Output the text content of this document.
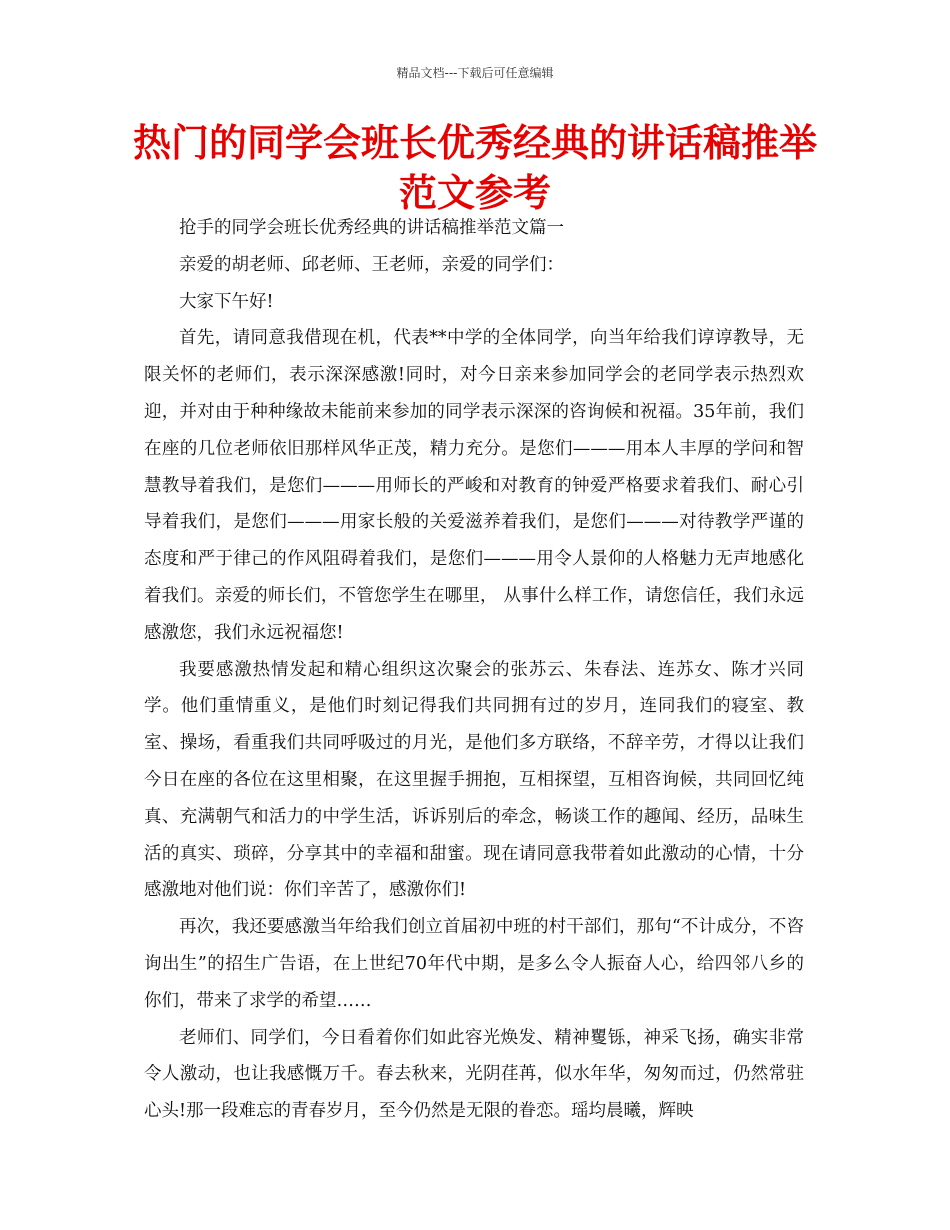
精品文档---下载后可任意编辑
热门的同学会班长优秀经典的讲话稿推举
范文参考

抢手的同学会班长优秀经典的讲话稿推举范文篇一

亲爱的胡老师、邱老师、王老师，亲爱的同学们：

大家下午好!

首先，请同意我借现在机，代表**中学的全体同学，向当年给我们谆谆教导，无限关怀的老师们，表示深深感激!同时，对今日亲来参加同学会的老同学表示热烈欢迎，并对由于种种缘故未能前来参加的同学表示深深的咨询候和祝福。35年前，我们在座的几位老师依旧那样风华正茂，精力充分。是您们———用本人丰厚的学问和智慧教导着我们，是您们———用师长的严峻和对教育的钟爱严格要求着我们、耐心引导着我们，是您们———用家长般的关爱滋养着我们，是您们———对待教学严谨的态度和严于律己的作风阻碍着我们，是您们———用令人景仰的人格魅力无声地感化着我们。亲爱的师长们，不管您学生在哪里， 从事什么样工作，请您信任，我们永远感激您，我们永远祝福您!

我要感激热情发起和精心组织这次聚会的张苏云、朱春法、连苏女、陈才兴同学。他们重情重义，是他们时刻记得我们共同拥有过的岁月，连同我们的寝室、教室、操场，看重我们共同呼吸过的月光，是他们多方联络，不辞辛劳，才得以让我们今日在座的各位在这里相聚，在这里握手拥抱，互相探望，互相咨询候，共同回忆纯真、充满朝气和活力的中学生活，诉诉别后的牵念，畅谈工作的趣闻、经历，品味生活的真实、琐碎，分享其中的幸福和甜蜜。现在请同意我带着如此激动的心情，十分感激地对他们说：你们辛苦了，感激你们!

再次，我还要感激当年给我们创立首届初中班的村干部们，那句“不计成分，不咨询出生”的招生广告语，在上世纪70年代中期，是多么令人振奋人心，给四邻八乡的你们，带来了求学的希望……

老师们、同学们，今日看着你们如此容光焕发、精神矍铄，神采飞扬，确实非常令人激动，也让我感慨万千。春去秋来，光阴荏苒，似水年华，匆匆而过，仍然常驻心头!那一段难忘的青春岁月，至今仍然是无限的眷恋。瑶均晨曦，辉映
